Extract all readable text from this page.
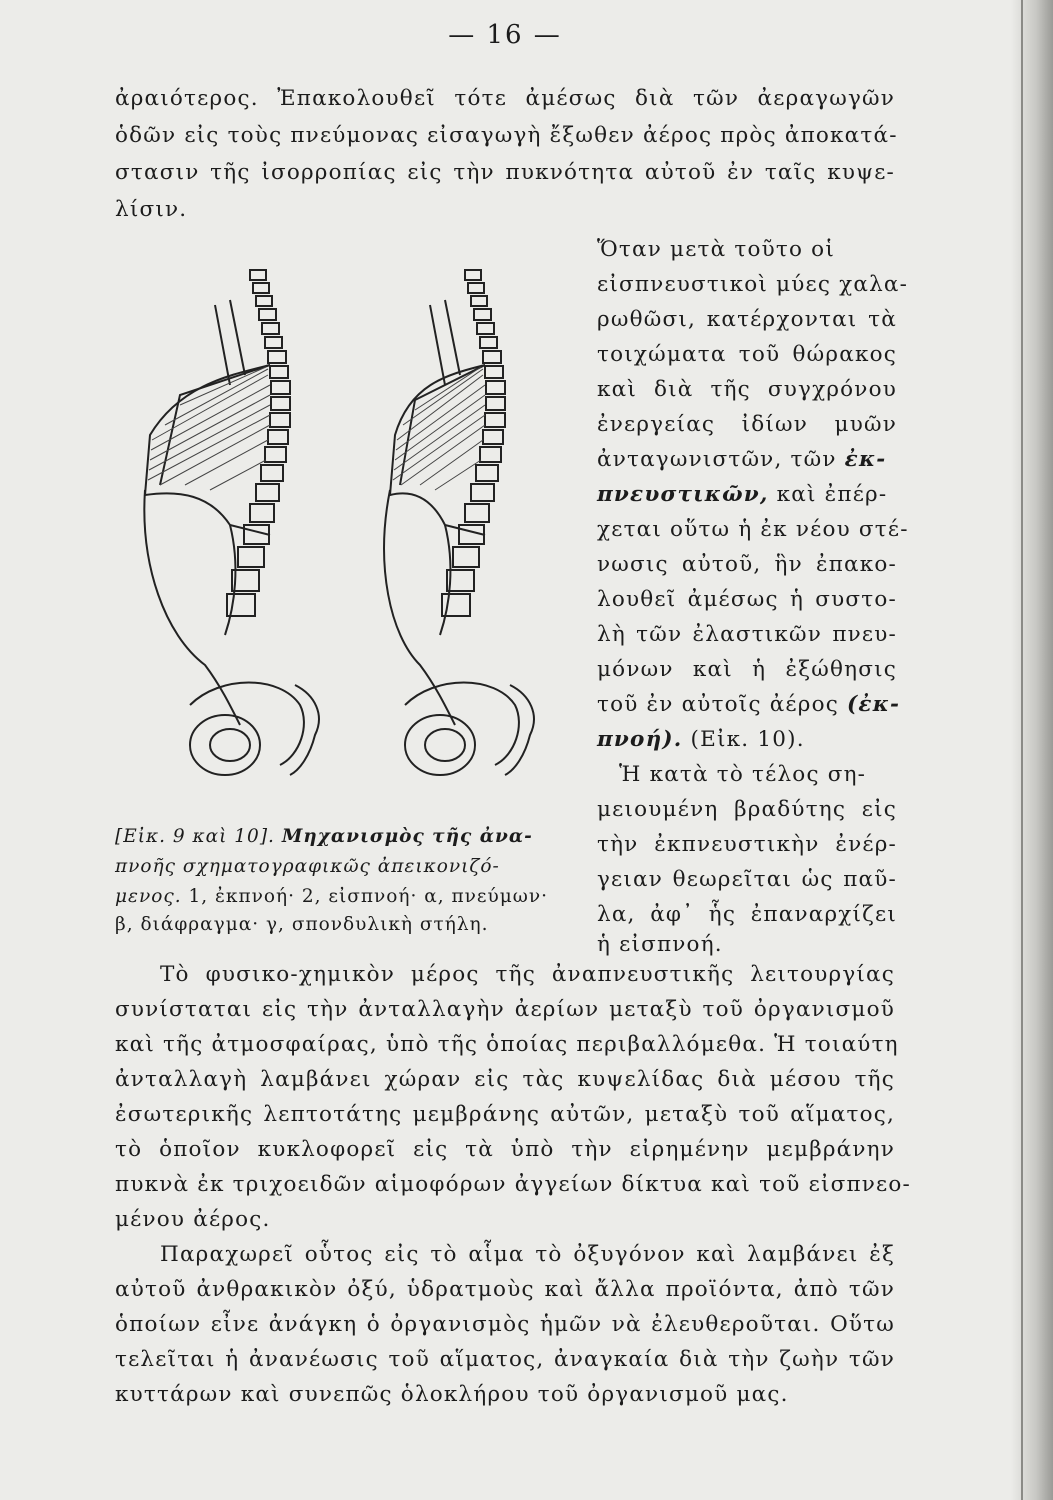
— 16 —
ἀραιότερος. Ἐπακολουθεῖ τότε ἀμέσως διὰ τῶν ἀεραγωγῶν
ὁδῶν εἰς τοὺς πνεύμονας εἰσαγωγὴ ἔξωθεν ἀέρος πρὸς ἀποκατά-
στασιν τῆς ἰσορροπίας εἰς τὴν πυκνότητα αὐτοῦ ἐν ταῖς κυψε-
λίσιν.
[Εἰκ. 9 καὶ 10]. Μηχανισμὸς τῆς ἀνα-
πνοῆς σχηματογραφικῶς ἀπεικονιζό-
μενος. 1, ἐκπνοή· 2, εἰσπνοή· α, πνεύμων·
β, διάφραγμα· γ, σπονδυλικὴ στήλη.
Ὅταν μετὰ τοῦτο οἱ
εἰσπνευστικοὶ μύες χαλα-
ρωθῶσι, κατέρχονται τὰ
τοιχώματα τοῦ θώρακος
καὶ διὰ τῆς συγχρόνου
ἐνεργείας ἰδίων μυῶν
ἀνταγωνιστῶν, τῶν ἐκ-
πνευστικῶν, καὶ ἐπέρ-
χεται οὕτω ἡ ἐκ νέου στέ-
νωσις αὐτοῦ, ἣν ἐπακο-
λουθεῖ ἀμέσως ἡ συστο-
λὴ τῶν ἐλαστικῶν πνευ-
μόνων καὶ ἡ ἐξώθησις
τοῦ ἐν αὐτοῖς ἀέρος (ἐκ-
πνοή). (Εἰκ. 10).
Ἡ κατὰ τὸ τέλος ση-
μειουμένη βραδύτης εἰς
τὴν ἐκπνευστικὴν ἐνέρ-
γειαν θεωρεῖται ὡς παῦ-
λα, ἀφ᾽ ἧς ἐπαναρχίζει
ἡ εἰσπνοή.
Τὸ φυσικο-χημικὸν μέρος τῆς ἀναπνευστικῆς λειτουργίας
συνίσταται εἰς τὴν ἀνταλλαγὴν ἀερίων μεταξὺ τοῦ ὀργανισμοῦ
καὶ τῆς ἀτμοσφαίρας, ὑπὸ τῆς ὁποίας περιβαλλόμεθα. Ἡ τοιαύτη
ἀνταλλαγὴ λαμβάνει χώραν εἰς τὰς κυψελίδας διὰ μέσου τῆς
ἐσωτερικῆς λεπτοτάτης μεμβράνης αὐτῶν, μεταξὺ τοῦ αἵματος,
τὸ ὁποῖον κυκλοφορεῖ εἰς τὰ ὑπὸ τὴν εἰρημένην μεμβράνην
πυκνὰ ἐκ τριχοειδῶν αἱμοφόρων ἀγγείων δίκτυα καὶ τοῦ εἰσπνεο-
μένου ἀέρος.
Παραχωρεῖ οὗτος εἰς τὸ αἷμα τὸ ὀξυγόνον καὶ λαμβάνει ἐξ
αὐτοῦ ἀνθρακικὸν ὀξύ, ὑδρατμοὺς καὶ ἄλλα προϊόντα, ἀπὸ τῶν
ὁποίων εἶνε ἀνάγκη ὁ ὀργανισμὸς ἡμῶν νὰ ἐλευθεροῦται. Οὕτω
τελεῖται ἡ ἀνανέωσις τοῦ αἵματος, ἀναγκαία διὰ τὴν ζωὴν τῶν
κυττάρων καὶ συνεπῶς ὁλοκλήρου τοῦ ὀργανισμοῦ μας.
